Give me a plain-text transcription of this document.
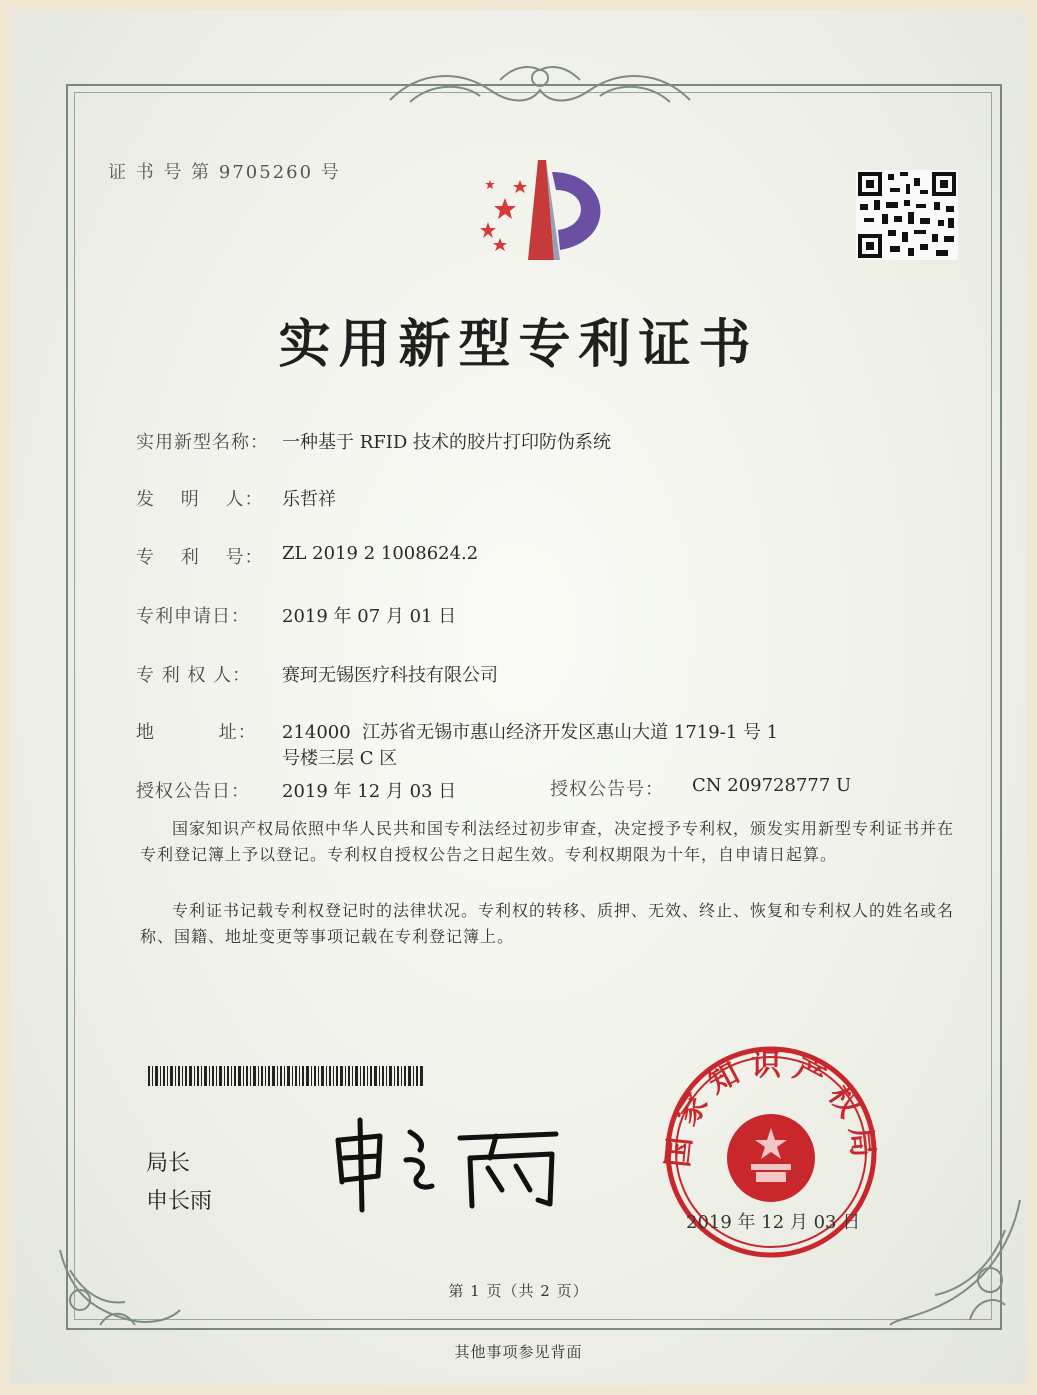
证 书 号 第 9705260 号
实用新型专利证书
实用新型名称： 一种基于 RFID 技术的胶片打印防伪系统
发　 明　 人： 乐哲祥
专　 利　 号： ZL 2019 2 1008624.2
专利申请日： 2019 年 07 月 01 日
专 利 权 人： 赛珂无锡医疗科技有限公司
地　　　 址： 214000  江苏省无锡市惠山经济开发区惠山大道 1719-1 号 1
号楼三层 C 区
授权公告日： 2019 年 12 月 03 日	授权公告号： CN 209728777 U
国家知识产权局依照中华人民共和国专利法经过初步审查，决定授予专利权，颁发实用新型专利证书并在专利登记簿上予以登记。专利权自授权公告之日起生效。专利权期限为十年，自申请日起算。
专利证书记载专利权登记时的法律状况。专利权的转移、质押、无效、终止、恢复和专利权人的姓名或名称、国籍、地址变更等事项记载在专利登记簿上。
局长
申长雨
国家知识产权局
2019 年 12 月 03 日
第 1 页（共 2 页）
其他事项参见背面
